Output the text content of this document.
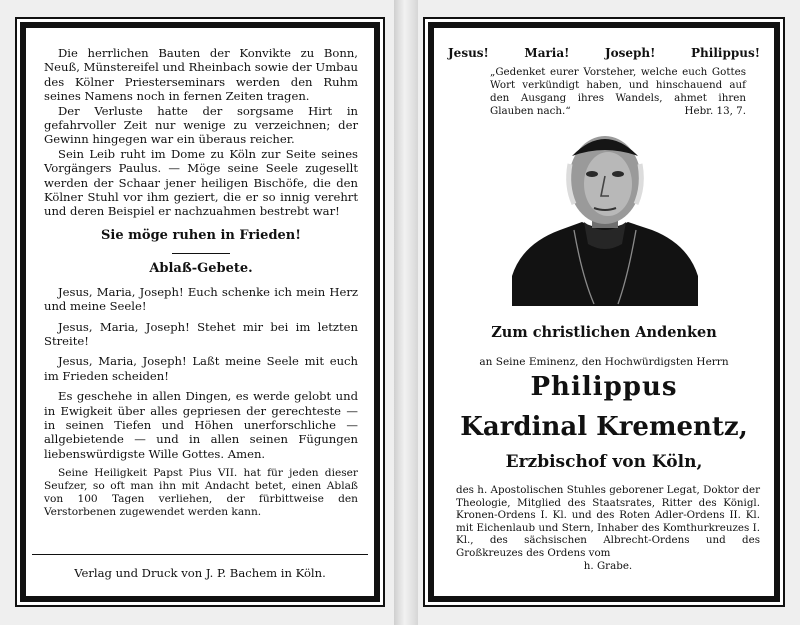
Die herrlichen Bauten der Konvikte zu Bonn, Neuß, Münstereifel und Rheinbach sowie der Umbau des Kölner Priesterseminars werden den Ruhm seines Namens noch in fernen Zeiten tragen.

Der Verluste hatte der sorgsame Hirt in gefahrvoller Zeit nur wenige zu verzeichnen; der Gewinn hingegen war ein überaus reicher.

Sein Leib ruht im Dome zu Köln zur Seite seines Vorgängers Paulus. — Möge seine Seele zugesellt werden der Schaar jener heiligen Bischöfe, die den Kölner Stuhl vor ihm geziert, die er so innig verehrt und deren Beispiel er nachzuahmen bestrebt war!

Sie möge ruhen in Frieden!

Ablaß-Gebete.

Jesus, Maria, Joseph! Euch schenke ich mein Herz und meine Seele!

Jesus, Maria, Joseph! Stehet mir bei im letzten Streite!

Jesus, Maria, Joseph! Laßt meine Seele mit euch im Frieden scheiden!

Es geschehe in allen Dingen, es werde gelobt und in Ewigkeit über alles gepriesen der gerechteste — in seinen Tiefen und Höhen unerforschliche — allgebietende — und in allen seinen Fügungen liebenswürdigste Wille Gottes. Amen.

Seine Heiligkeit Papst Pius VII. hat für jeden dieser Seufzer, so oft man ihn mit Andacht betet, einen Ablaß von 100 Tagen verliehen, der fürbittweise den Verstorbenen zugewendet werden kann.

Verlag und Druck von J. P. Bachem in Köln.
Jesus!	Maria!	Joseph!	Philippus!
„Gedenket eurer Vorsteher, welche euch Gottes Wort verkündigt haben, und hinschauend auf den Ausgang ihres Wandels, ahmet ihren Glauben nach.“	Hebr. 13, 7.
Zum christlichen Andenken
an Seine Eminenz, den Hochwürdigsten Herrn
Philippus
Kardinal Krementz,
Erzbischof von Köln,
des h. Apostolischen Stuhles geborener Legat, Doktor der Theologie, Mitglied des Staatsrates, Ritter des Königl. Kronen-Ordens I. Kl. und des Roten Adler-Ordens II. Kl. mit Eichenlaub und Stern, Inhaber des Komthurkreuzes I. Kl., des sächsischen Albrecht-Ordens und des Großkreuzes des Ordens vom
h. Grabe.
